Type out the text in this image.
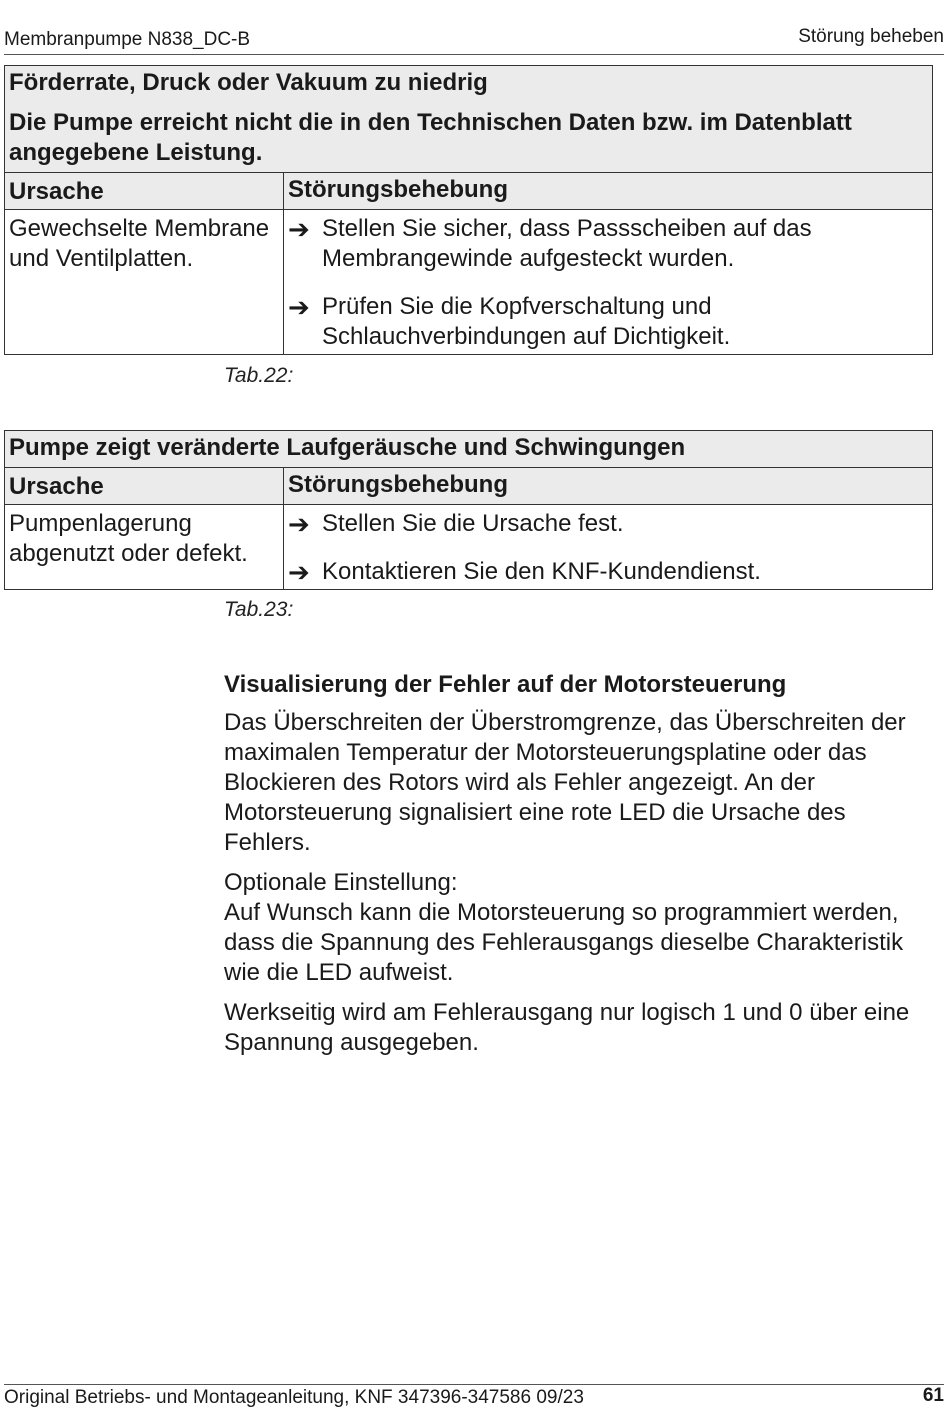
Membranpumpe N838_DC-B	Störung beheben

Förderrate, Druck oder Vakuum zu niedrig

Die Pumpe erreicht nicht die in den Technischen Daten bzw. im Datenblatt angegebene Leistung.	

Ursache	Störungsbehebung
Gewechselte Membrane und Ventilplatten.	➔ Stellen Sie sicher, dass Passscheiben auf das Membrangewinde aufgesteckt wurden.
➔ Prüfen Sie die Kopfverschaltung und Schlauchverbindungen auf Dichtigkeit.
Tab.22:

Pumpe zeigt veränderte Laufgeräusche und Schwingungen	

Ursache	Störungsbehebung
Pumpenlagerung abgenutzt oder defekt.	➔ Stellen Sie die Ursache fest.
➔ Kontaktieren Sie den KNF-Kundendienst.
Tab.23:
Visualisierung der Fehler auf der Motorsteuerung

Das Überschreiten der Überstromgrenze, das Überschreiten der maximalen Temperatur der Motorsteuerungsplatine oder das Blockieren des Rotors wird als Fehler angezeigt. An der Motorsteuerung signalisiert eine rote LED die Ursache des Fehlers.

Optionale Einstellung:
Auf Wunsch kann die Motorsteuerung so programmiert werden, dass die Spannung des Fehlerausgangs dieselbe Charakteristik wie die LED aufweist.

Werkseitig wird am Fehlerausgang nur logisch 1 und 0 über eine Spannung ausgegeben.

Original Betriebs- und Montageanleitung, KNF 347396-347586 09/23	61
